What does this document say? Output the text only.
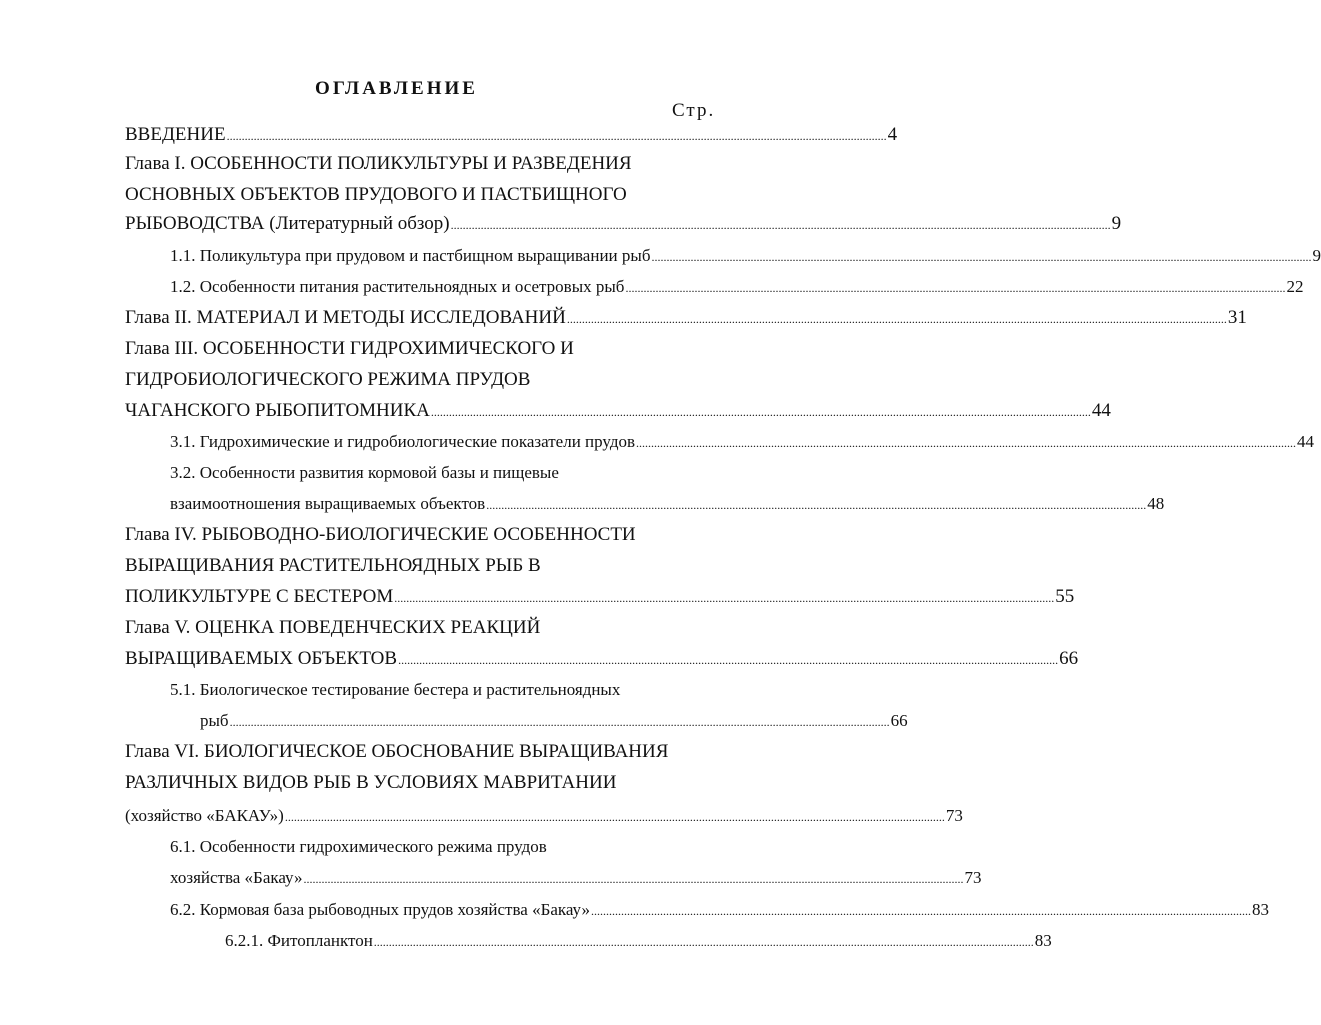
ОГЛАВЛЕНИЕ
Стр.
ВВЕДЕНИЕ ............................................................................................................................................................................................................................ 4
Глава I. ОСОБЕННОСТИ ПОЛИКУЛЬТУРЫ И РАЗВЕДЕНИЯ
ОСНОВНЫХ ОБЪЕКТОВ ПРУДОВОГО И ПАСТБИЩНОГО
РЫБОВОДСТВА (Литературный обзор) ............................................................................................................................................................................................................................ 9
1.1. Поликультура при прудовом и пастбищном выращивании рыб ............................................................................................................................................................................................................................ 9
1.2. Особенности питания растительноядных и осетровых рыб ............................................................................................................................................................................................................................ 22
Глава II. МАТЕРИАЛ И МЕТОДЫ ИССЛЕДОВАНИЙ ............................................................................................................................................................................................................................ 31
Глава III. ОСОБЕННОСТИ ГИДРОХИМИЧЕСКОГО И
ГИДРОБИОЛОГИЧЕСКОГО РЕЖИМА ПРУДОВ
ЧАГАНСКОГО РЫБОПИТОМНИКА ............................................................................................................................................................................................................................ 44
3.1. Гидрохимические и гидробиологические показатели прудов ............................................................................................................................................................................................................................ 44
3.2. Особенности развития кормовой базы и пищевые
взаимоотношения выращиваемых объектов ............................................................................................................................................................................................................................ 48
Глава IV. РЫБОВОДНО-БИОЛОГИЧЕСКИЕ ОСОБЕННОСТИ
ВЫРАЩИВАНИЯ РАСТИТЕЛЬНОЯДНЫХ РЫБ В
ПОЛИКУЛЬТУРЕ С БЕСТЕРОМ ............................................................................................................................................................................................................................ 55
Глава V. ОЦЕНКА ПОВЕДЕНЧЕСКИХ РЕАКЦИЙ
ВЫРАЩИВАЕМЫХ ОБЪЕКТОВ ............................................................................................................................................................................................................................ 66
5.1. Биологическое тестирование бестера и растительноядных
рыб ............................................................................................................................................................................................................................ 66
Глава VI. БИОЛОГИЧЕСКОЕ ОБОСНОВАНИЕ ВЫРАЩИВАНИЯ
РАЗЛИЧНЫХ ВИДОВ РЫБ В УСЛОВИЯХ МАВРИТАНИИ
(хозяйство «БАКАУ») ............................................................................................................................................................................................................................ 73
6.1. Особенности гидрохимического режима прудов
хозяйства «Бакау» ............................................................................................................................................................................................................................ 73
6.2. Кормовая база рыбоводных прудов хозяйства «Бакау» ............................................................................................................................................................................................................................ 83
6.2.1. Фитопланктон ............................................................................................................................................................................................................................ 83
